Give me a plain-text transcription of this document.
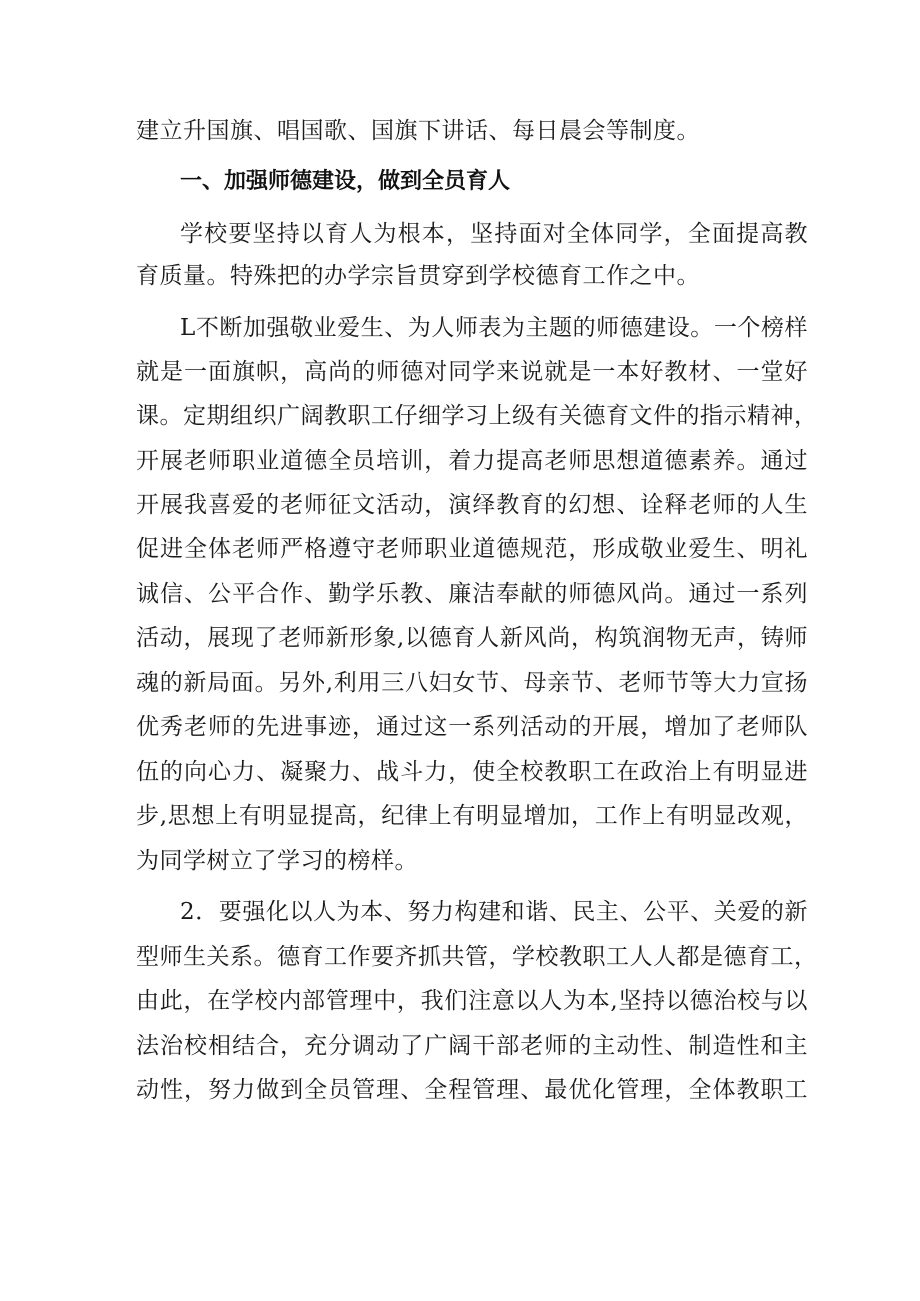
建立升国旗、唱国歌、国旗下讲话、每日晨会等制度。
一、加强师德建设，做到全员育人
学校要坚持以育人为根本，坚持面对全体同学，全面提高教
育质量。特殊把的办学宗旨贯穿到学校德育工作之中。
L不断加强敬业爱生、为人师表为主题的师德建设。一个榜样
就是一面旗帜，高尚的师德对同学来说就是一本好教材、一堂好
课。定期组织广阔教职工仔细学习上级有关德育文件的指示精神，
开展老师职业道德全员培训，着力提高老师思想道德素养。通过
开展我喜爱的老师征文活动，演绎教育的幻想、诠释老师的人生
促进全体老师严格遵守老师职业道德规范，形成敬业爱生、明礼
诚信、公平合作、勤学乐教、廉洁奉献的师德风尚。通过一系列
活动，展现了老师新形象,以德育人新风尚，构筑润物无声，铸师
魂的新局面。另外,利用三八妇女节、母亲节、老师节等大力宣扬
优秀老师的先进事迹，通过这一系列活动的开展，增加了老师队
伍的向心力、凝聚力、战斗力，使全校教职工在政治上有明显进
步,思想上有明显提高，纪律上有明显增加，工作上有明显改观，
为同学树立了学习的榜样。
2．要强化以人为本、努力构建和谐、民主、公平、关爱的新
型师生关系。德育工作要齐抓共管，学校教职工人人都是德育工，
由此，在学校内部管理中，我们注意以人为本,坚持以德治校与以
法治校相结合，充分调动了广阔干部老师的主动性、制造性和主
动性，努力做到全员管理、全程管理、最优化管理，全体教职工
